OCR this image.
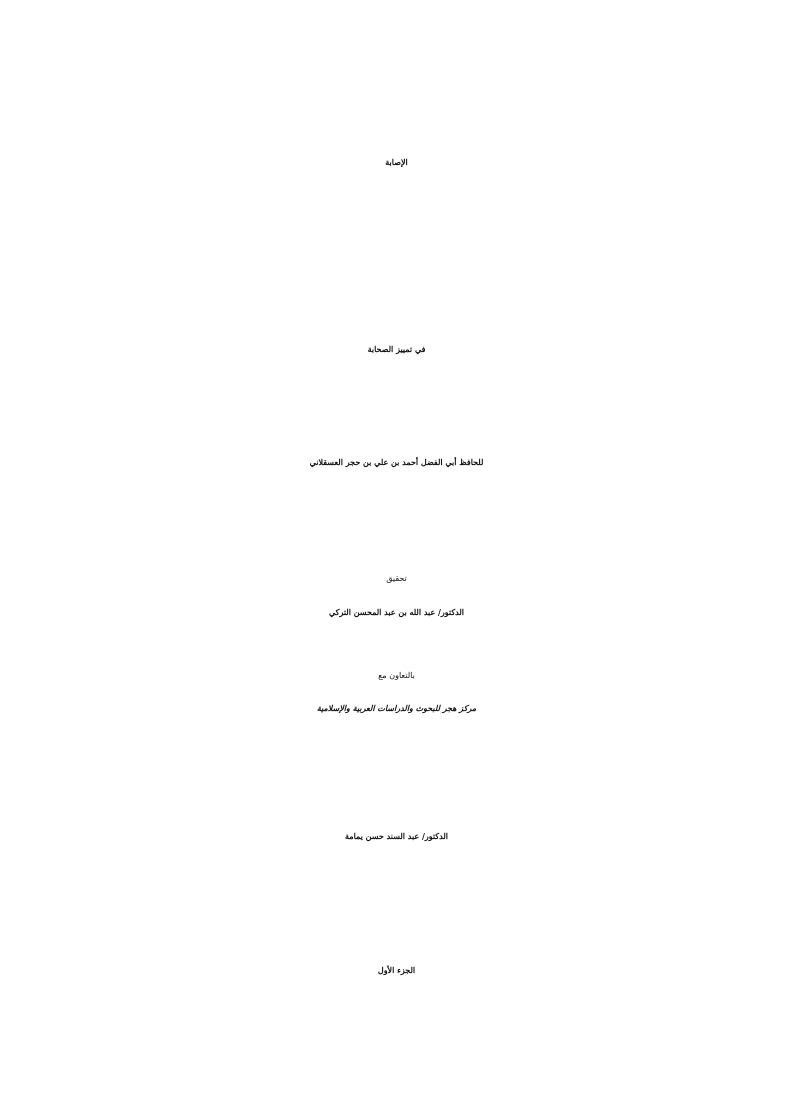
الإصابة
في تمييز الصحابة
للحافظ أبي الفضل أحمد بن علي بن حجر العسقلاني
تحقيق
الدكتور/ عبد الله بن عبد المحسن التركي
بالتعاون مع
مركز هجر للبحوث والدراسات العربية والإسلامية
الدكتور/ عبد السند حسن يمامة
الجزء الأول
